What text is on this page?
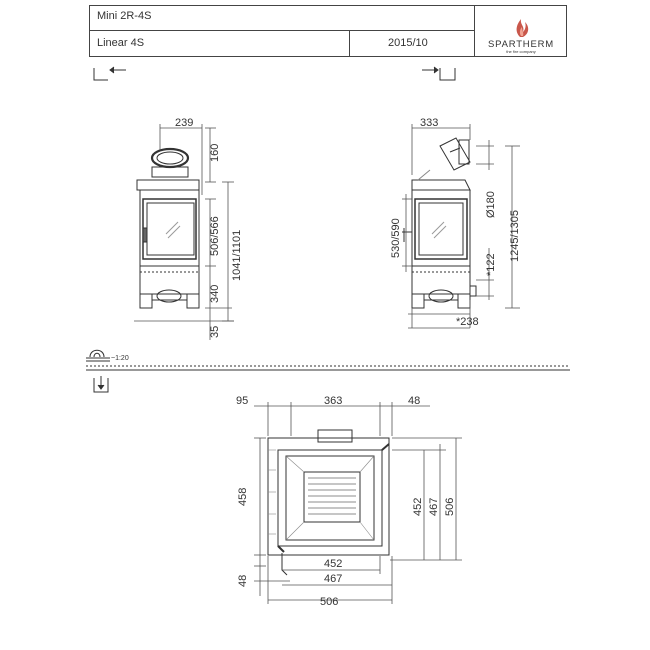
Mini 2R-4S
Linear 4S	2015/10	SPARTHERM
the fire company
239
160
506/566 1041/1101
340
35
333
Ø180
530/590
*122
1245/1305
*238
~1:20
95	363	48
458
48
452
467
506
452 467 506
